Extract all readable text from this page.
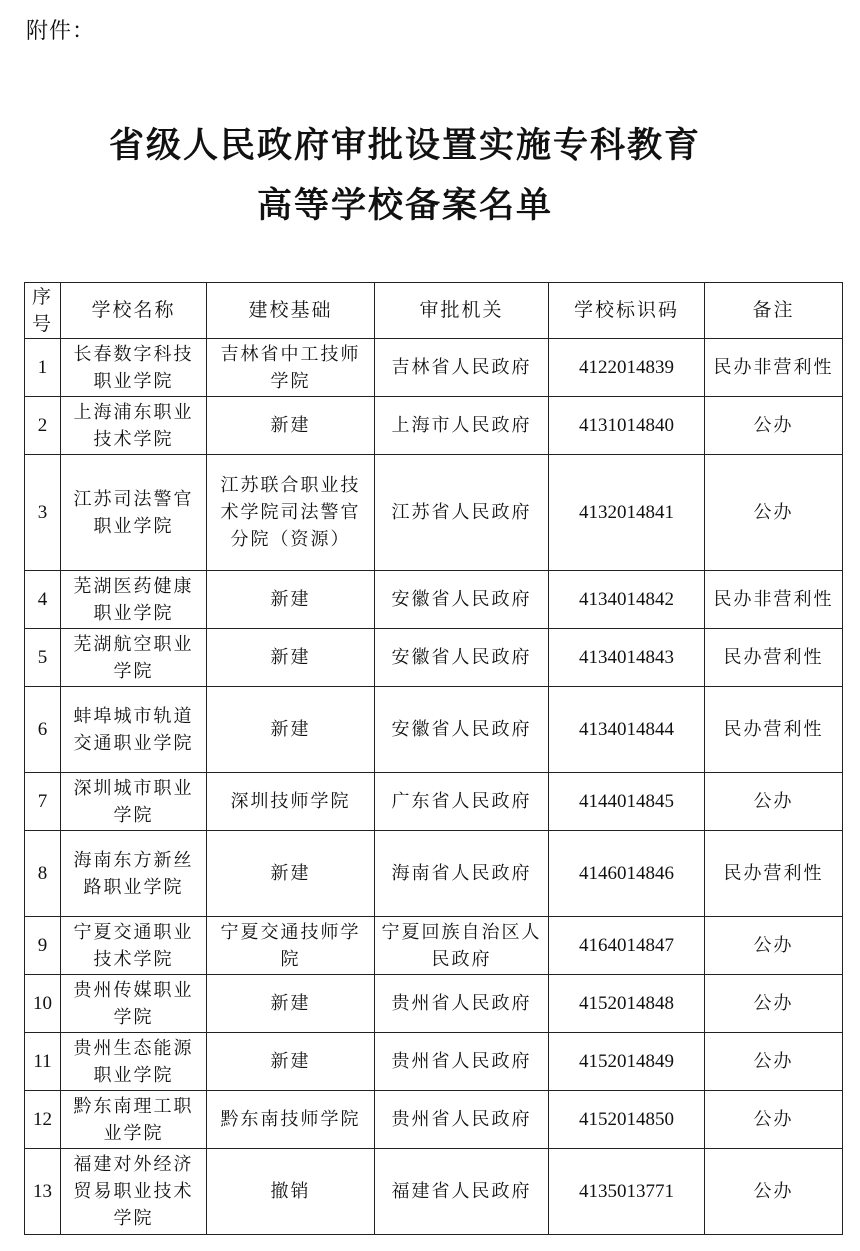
附件：
省级人民政府审批设置实施专科教育
高等学校备案名单
序号	学校名称	建校基础	审批机关	学校标识码	备注
1	长春数字科技职业学院	吉林省中工技师学院	吉林省人民政府	4122014839	民办非营利性
2	上海浦东职业技术学院	新建	上海市人民政府	4131014840	公办
3	江苏司法警官职业学院	江苏联合职业技术学院司法警官分院（资源）	江苏省人民政府	4132014841	公办
4	芜湖医药健康职业学院	新建	安徽省人民政府	4134014842	民办非营利性
5	芜湖航空职业学院	新建	安徽省人民政府	4134014843	民办营利性
6	蚌埠城市轨道交通职业学院	新建	安徽省人民政府	4134014844	民办营利性
7	深圳城市职业学院	深圳技师学院	广东省人民政府	4144014845	公办
8	海南东方新丝路职业学院	新建	海南省人民政府	4146014846	民办营利性
9	宁夏交通职业技术学院	宁夏交通技师学院	宁夏回族自治区人民政府	4164014847	公办
10	贵州传媒职业学院	新建	贵州省人民政府	4152014848	公办
11	贵州生态能源职业学院	新建	贵州省人民政府	4152014849	公办
12	黔东南理工职业学院	黔东南技师学院	贵州省人民政府	4152014850	公办
13	福建对外经济贸易职业技术学院	撤销	福建省人民政府	4135013771	公办
